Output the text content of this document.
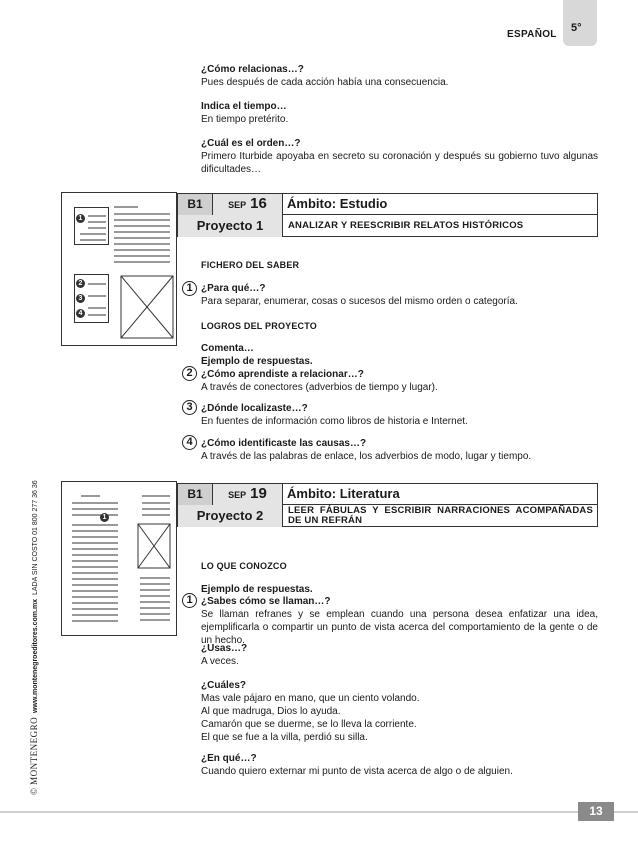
5°
ESPAÑOL
¿Cómo relacionas…?
Pues después de cada acción había una consecuencia.
Indica el tiempo…
En tiempo pretérito.
¿Cuál es el orden…?
Primero Iturbide apoyaba en secreto su coronación y después su gobierno tuvo algunas dificultades…
1
2
3
4
B1	SEP 16	Ámbito: Estudio
Proyecto 1	ANALIZAR Y REESCRIBIR RELATOS HISTÓRICOS
FICHERO DEL SABER
1 ¿Para qué…?
Para separar, enumerar, cosas o sucesos del mismo orden o categoría.
LOGROS DEL PROYECTO
Comenta…
Ejemplo de respuestas.
2 ¿Cómo aprendiste a relacionar…?
A través de conectores (adverbios de tiempo y lugar).
3 ¿Dónde localizaste…?
En fuentes de información como libros de historia e Internet.
4 ¿Cómo identificaste las causas…?
A través de las palabras de enlace, los adverbios de modo, lugar y tiempo.
1
B1	SEP 19	Ámbito: Literatura
Proyecto 2	LEER FÁBULAS Y ESCRIBIR NARRACIONES ACOMPAÑADAS DE UN REFRÁN
LO QUE CONOZCO
Ejemplo de respuestas.
1 ¿Sabes cómo se llaman…?
Se llaman refranes y se emplean cuando una persona desea enfatizar una idea, ejemplificarla o compartir un punto de vista acerca del comportamiento de la gente o de un hecho.
¿Usas…?
A veces.
¿Cuáles?
Mas vale pájaro en mano, que un ciento volando.
Al que madruga, Dios lo ayuda.
Camarón que se duerme, se lo lleva la corriente.
El que se fue a la villa, perdió su silla.
¿En qué…?
Cuando quiero externar mi punto de vista acerca de algo o de alguien.
© MONTENEGRO  www.montenegroeditores.com.mx  LADA SIN COSTO 01 800 277 36 36
13
